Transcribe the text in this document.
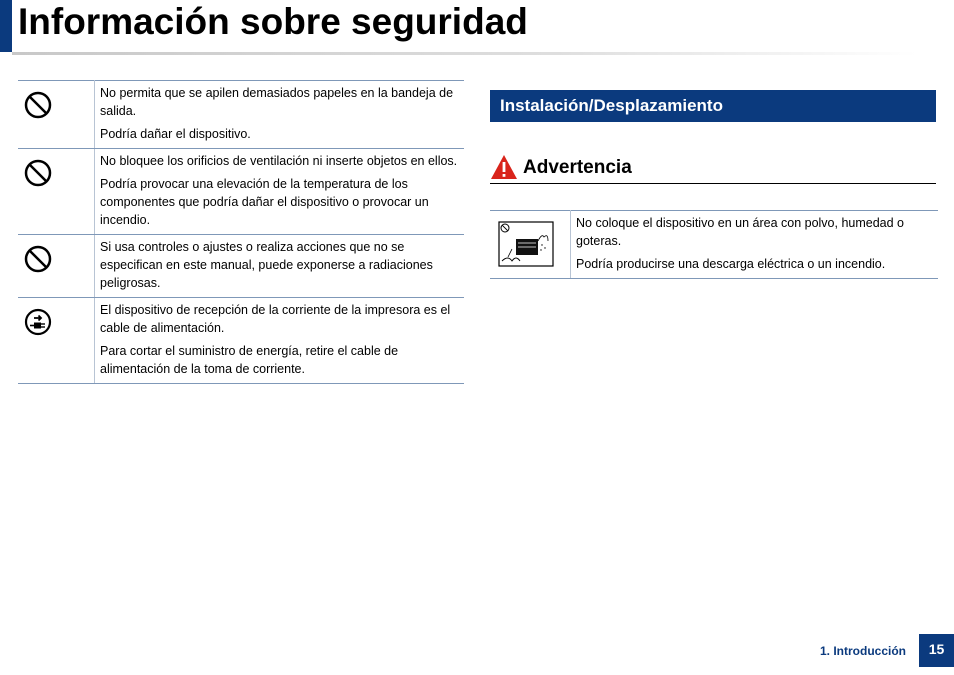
Información sobre seguridad

No permita que se apilen demasiados papeles en la bandeja de salida.

Podría dañar el dispositivo.

No bloquee los orificios de ventilación ni inserte objetos en ellos.

Podría provocar una elevación de la temperatura de los componentes que podría dañar el dispositivo o provocar un incendio.

Si usa controles o ajustes o realiza acciones que no se especifican en este manual, puede exponerse a radiaciones peligrosas.

El dispositivo de recepción de la corriente de la impresora es el cable de alimentación.

Para cortar el suministro de energía, retire el cable de alimentación de la toma de corriente.

Instalación/Desplazamiento
Advertencia

No coloque el dispositivo en un área con polvo, humedad o goteras.

Podría producirse una descarga eléctrica o un incendio.

1. Introducción	15
